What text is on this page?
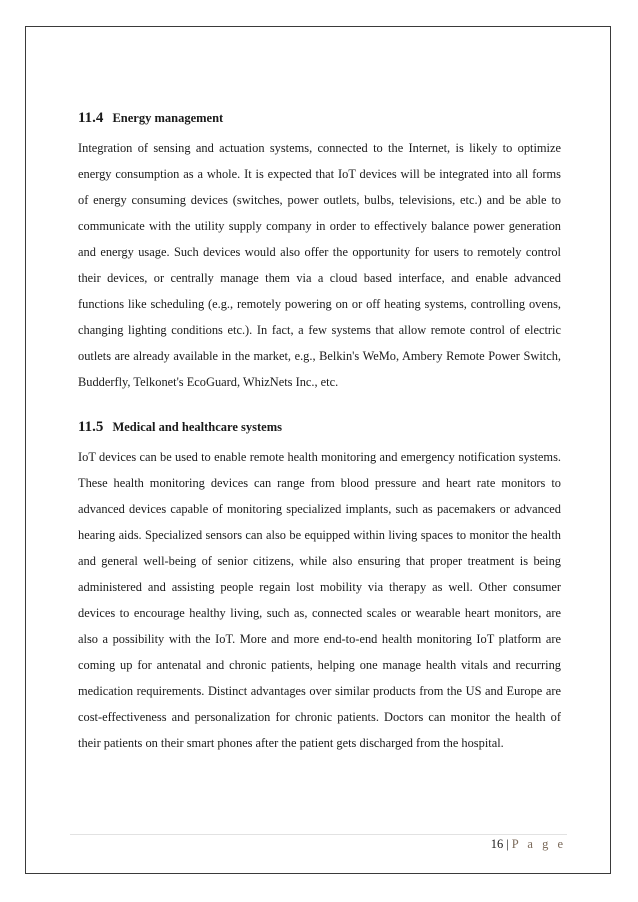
11.4 Energy management

Integration of sensing and actuation systems, connected to the Internet, is likely to optimize energy consumption as a whole. It is expected that IoT devices will be integrated into all forms of energy consuming devices (switches, power outlets, bulbs, televisions, etc.) and be able to communicate with the utility supply company in order to effectively balance power generation and energy usage. Such devices would also offer the opportunity for users to remotely control their devices, or centrally manage them via a cloud based interface, and enable advanced functions like scheduling (e.g., remotely powering on or off heating systems, controlling ovens, changing lighting conditions etc.). In fact, a few systems that allow remote control of electric outlets are already available in the market, e.g., Belkin's WeMo, Ambery Remote Power Switch, Budderfly, Telkonet's EcoGuard, WhizNets Inc., etc.

11.5 Medical and healthcare systems

IoT devices can be used to enable remote health monitoring and emergency notification systems. These health monitoring devices can range from blood pressure and heart rate monitors to advanced devices capable of monitoring specialized implants, such as pacemakers or advanced hearing aids. Specialized sensors can also be equipped within living spaces to monitor the health and general well-being of senior citizens, while also ensuring that proper treatment is being administered and assisting people regain lost mobility via therapy as well. Other consumer devices to encourage healthy living, such as, connected scales or wearable heart monitors, are also a possibility with the IoT. More and more end-to-end health monitoring IoT platform are coming up for antenatal and chronic patients, helping one manage health vitals and recurring medication requirements. Distinct advantages over similar products from the US and Europe are cost-effectiveness and personalization for chronic patients. Doctors can monitor the health of their patients on their smart phones after the patient gets discharged from the hospital.

16 | P a g e
